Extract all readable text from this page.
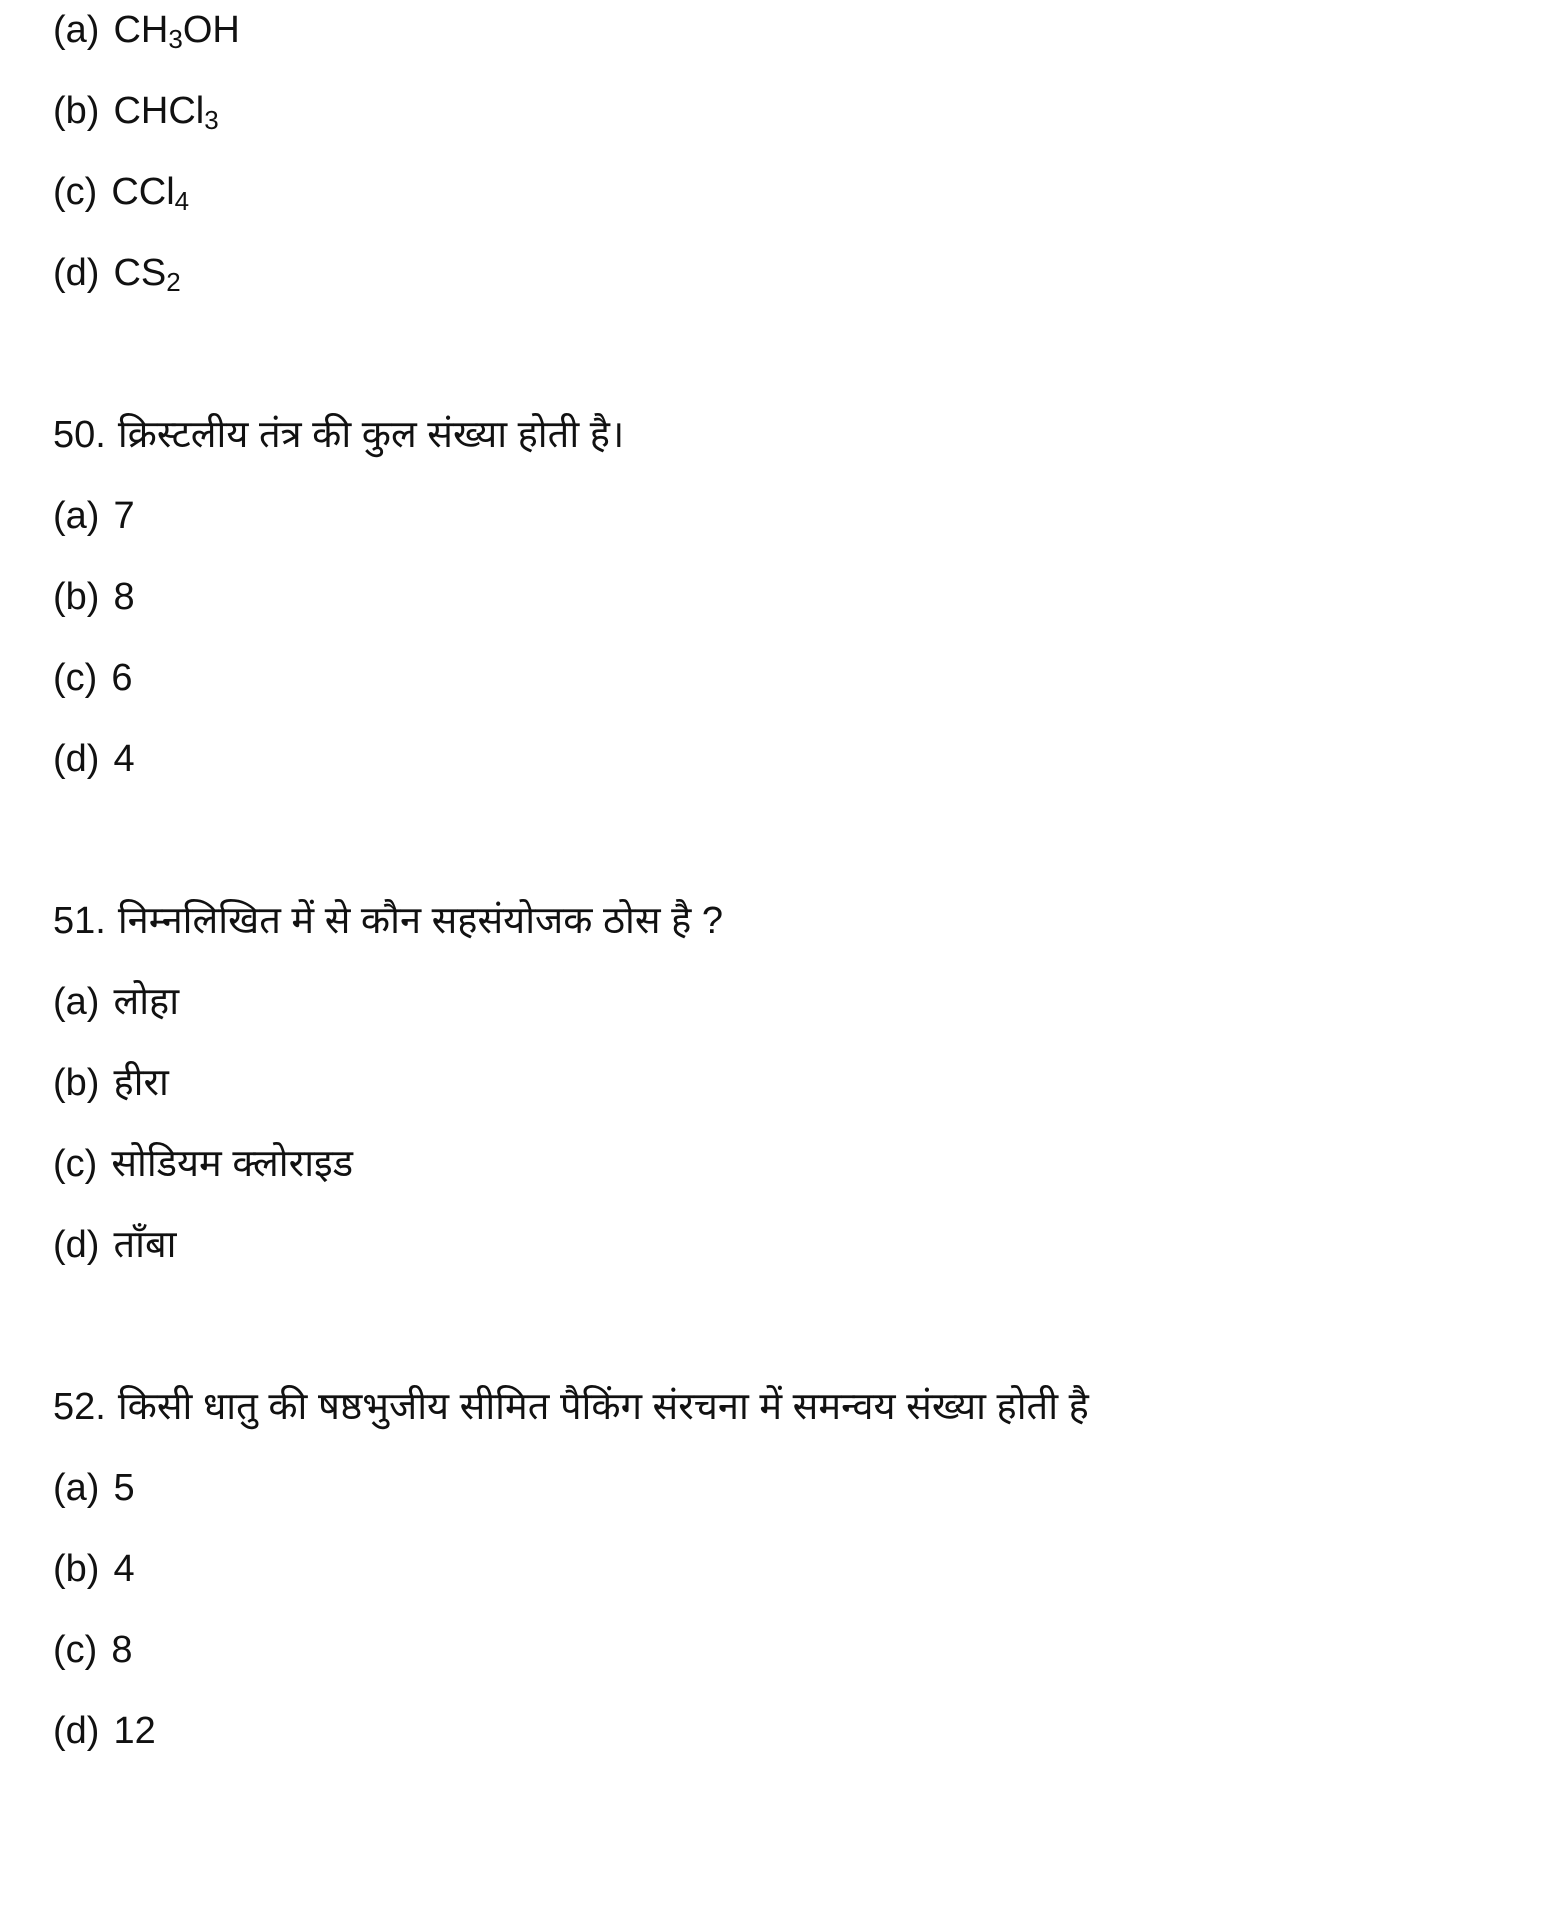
(a) $CH_3OH$
(b) CHCl$_3$
(c) CCl$_4$
(d) $CS_2$
50. क्रिस्टलीय तंत्र की कुल संख्या होती है।
(a) 7
(b) 8
(c) 6
(d) 4
51. निम्नलिखित में से कौन सहसंयोजक ठोस है ?
(a) लोहा
(b) हीरा
(c) सोडियम क्लोराइड
(d) ताँबा
52. किसी धातु की षष्ठभुजीय सीमित पैकिंग संरचना में समन्वय संख्या होती है
(a) 5
(b) 4
(c) 8
(d) 12
